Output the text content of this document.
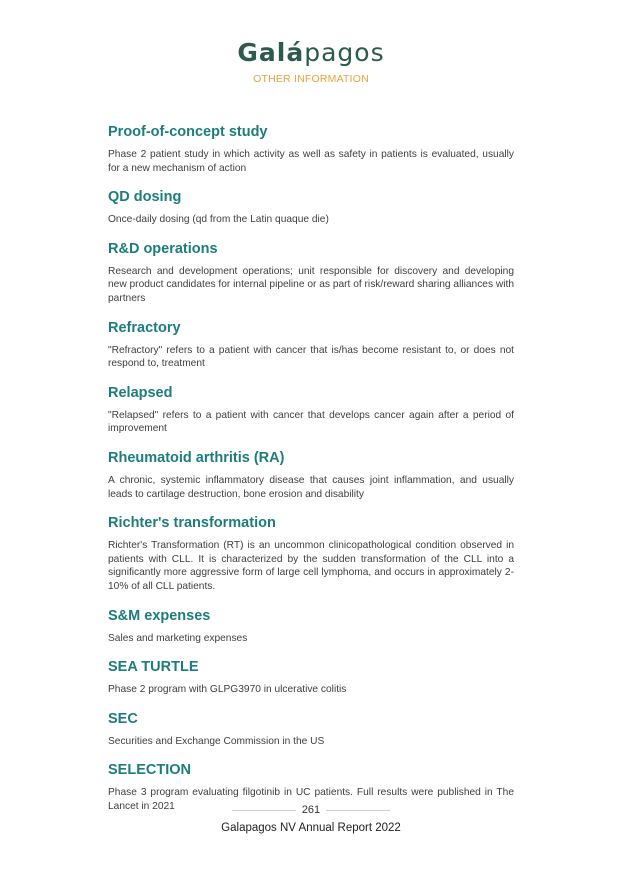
Galápagos
OTHER INFORMATION
Proof-of-concept study

Phase 2 patient study in which activity as well as safety in patients is evaluated, usually for a new mechanism of action

QD dosing

Once-daily dosing (qd from the Latin quaque die)

R&D operations

Research and development operations; unit responsible for discovery and developing new product candidates for internal pipeline or as part of risk/reward sharing alliances with partners

Refractory

"Refractory" refers to a patient with cancer that is/has become resistant to, or does not respond to, treatment

Relapsed

"Relapsed" refers to a patient with cancer that develops cancer again after a period of improvement

Rheumatoid arthritis (RA)

A chronic, systemic inflammatory disease that causes joint inflammation, and usually leads to cartilage destruction, bone erosion and disability

Richter's transformation

Richter's Transformation (RT) is an uncommon clinicopathological condition observed in patients with CLL. It is characterized by the sudden transformation of the CLL into a significantly more aggressive form of large cell lymphoma, and occurs in approximately 2-10% of all CLL patients.

S&M expenses

Sales and marketing expenses

SEA TURTLE

Phase 2 program with GLPG3970 in ulcerative colitis

SEC

Securities and Exchange Commission in the US

SELECTION

Phase 3 program evaluating filgotinib in UC patients. Full results were published in The Lancet in 2021	261
Galapagos NV Annual Report 2022
